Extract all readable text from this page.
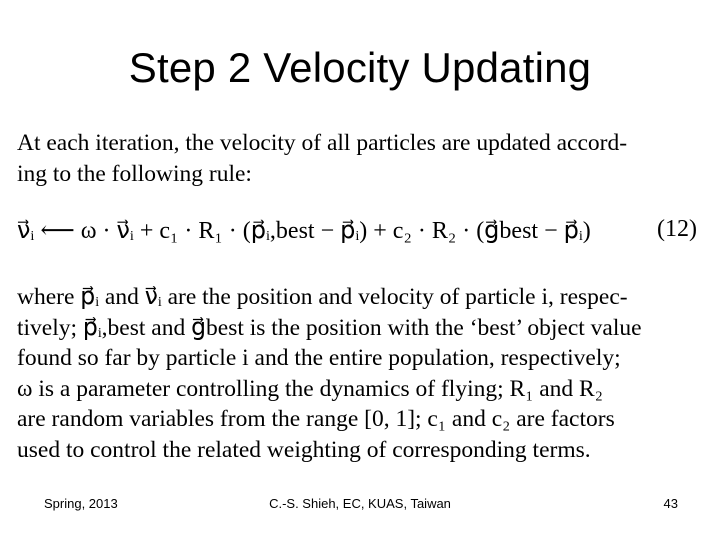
Step 2 Velocity Updating
At each iteration, the velocity of all particles are updated accord-
ing to the following rule:
ν⃗ᵢ ⟵ ω · ν⃗ᵢ + c₁ · R₁ · (p⃗ᵢ,best − p⃗ᵢ) + c₂ · R₂ · (g⃗best − p⃗ᵢ)	(12)
where p⃗ᵢ and ν⃗ᵢ are the position and velocity of particle i, respec-
tively; p⃗ᵢ,best and g⃗best is the position with the ‘best’ object value
found so far by particle i and the entire population, respectively;
ω is a parameter controlling the dynamics of flying; R₁ and R₂
are random variables from the range [0, 1]; c₁ and c₂ are factors
used to control the related weighting of corresponding terms.
Spring, 2013	C.-S. Shieh, EC, KUAS, Taiwan	43
